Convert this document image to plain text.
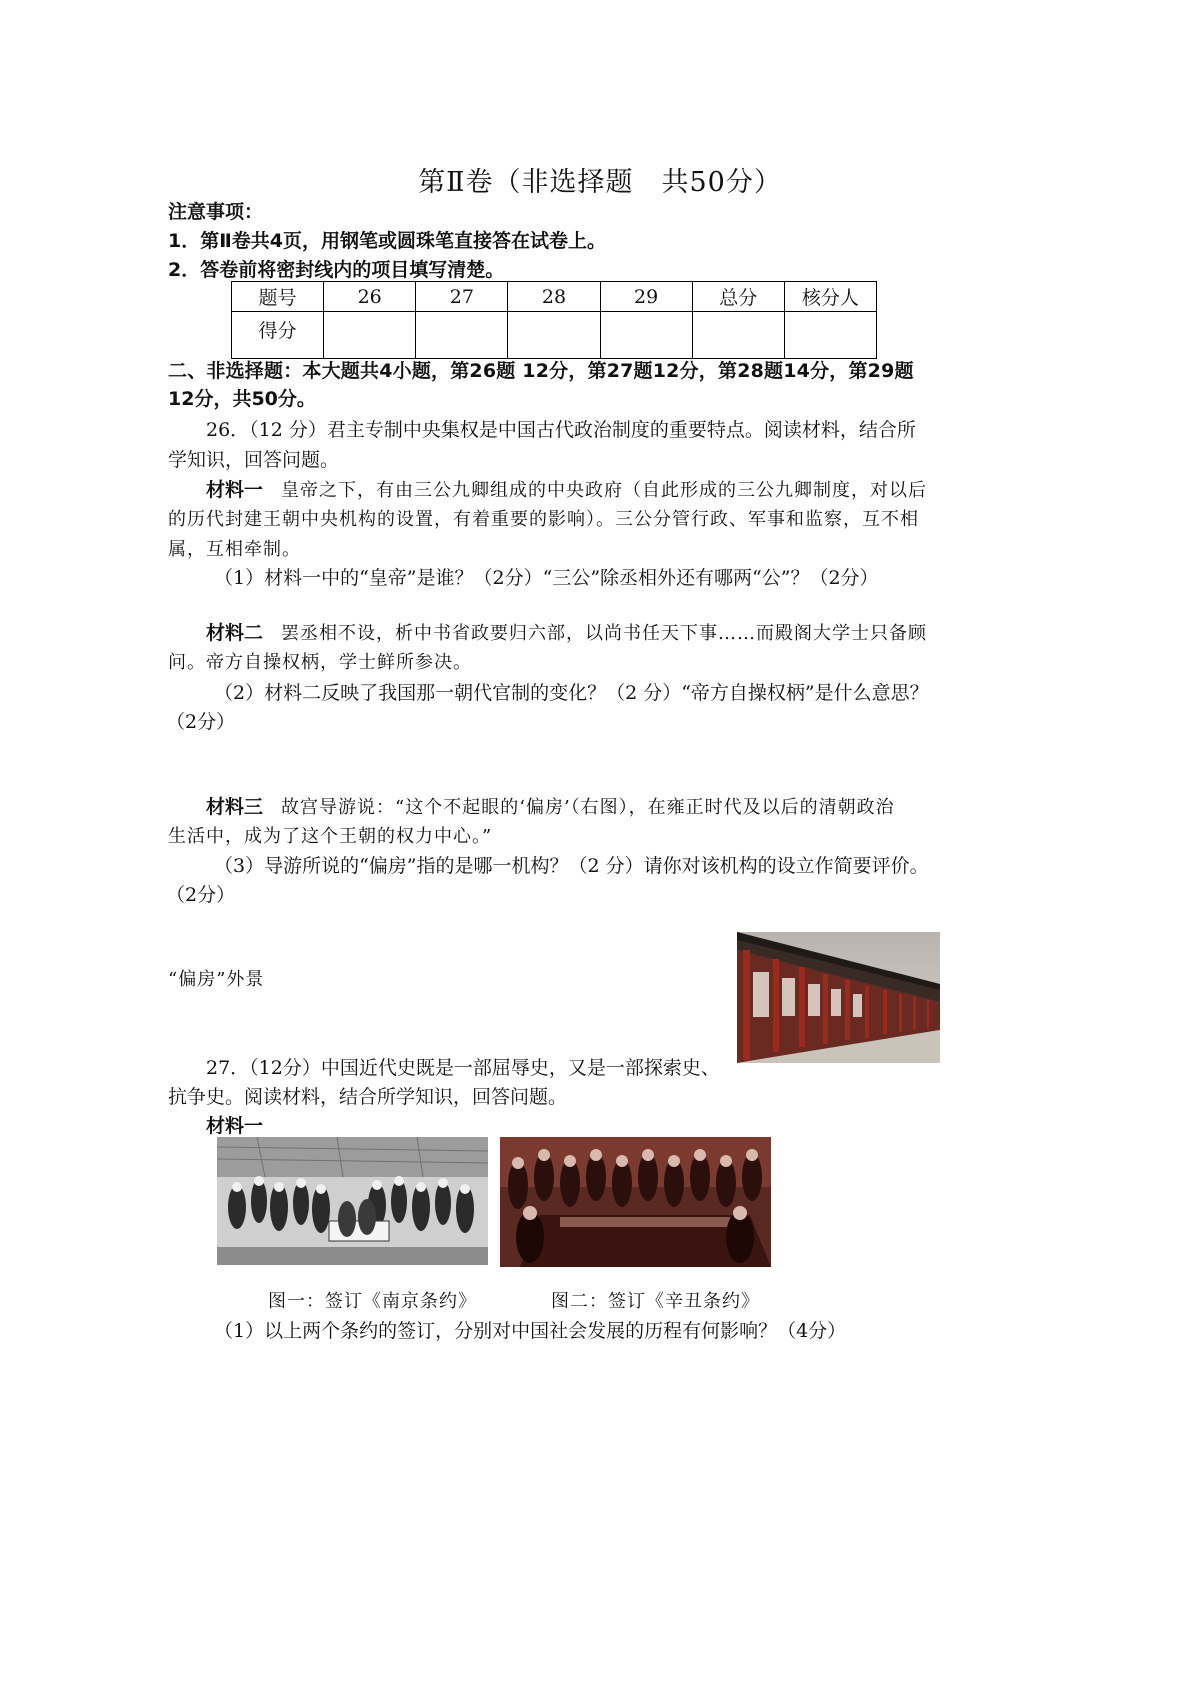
第Ⅱ卷（非选择题　共50分）
注意事项：
1．第Ⅱ卷共4页，用钢笔或圆珠笔直接答在试卷上。
2．答卷前将密封线内的项目填写清楚。
题号	26	27	28	29	总分	核分人
得分						
二、非选择题：本大题共4小题，第26题 12分，第27题12分，第28题14分，第29题
12分，共50分。
26．（12 分）君主专制中央集权是中国古代政治制度的重要特点。阅读材料，结合所
学知识，回答问题。
材料一 皇帝之下，有由三公九卿组成的中央政府（自此形成的三公九卿制度，对以后
的历代封建王朝中央机构的设置，有着重要的影响）。三公分管行政、军事和监察，互不相
属，互相牵制。
（1）材料一中的“皇帝”是谁？（2分）“三公”除丞相外还有哪两“公”？（2分）
材料二 罢丞相不设，析中书省政要归六部，以尚书任天下事……而殿阁大学士只备顾
问。帝方自操权柄，学士鲜所参决。
（2）材料二反映了我国那一朝代官制的变化？（2 分）“帝方自操权柄”是什么意思？
（2分）
材料三 故宫导游说：“这个不起眼的‘偏房’（右图），在雍正时代及以后的清朝政治
生活中，成为了这个王朝的权力中心。”
（3）导游所说的“偏房”指的是哪一机构？（2 分）请你对该机构的设立作简要评价。
（2分）
“偏房”外景
27．（12分）中国近代史既是一部屈辱史，又是一部探索史、
抗争史。阅读材料，结合所学知识，回答问题。
材料一
图一：签订《南京条约》	图二：签订《辛丑条约》
（1）以上两个条约的签订，分别对中国社会发展的历程有何影响？（4分）
